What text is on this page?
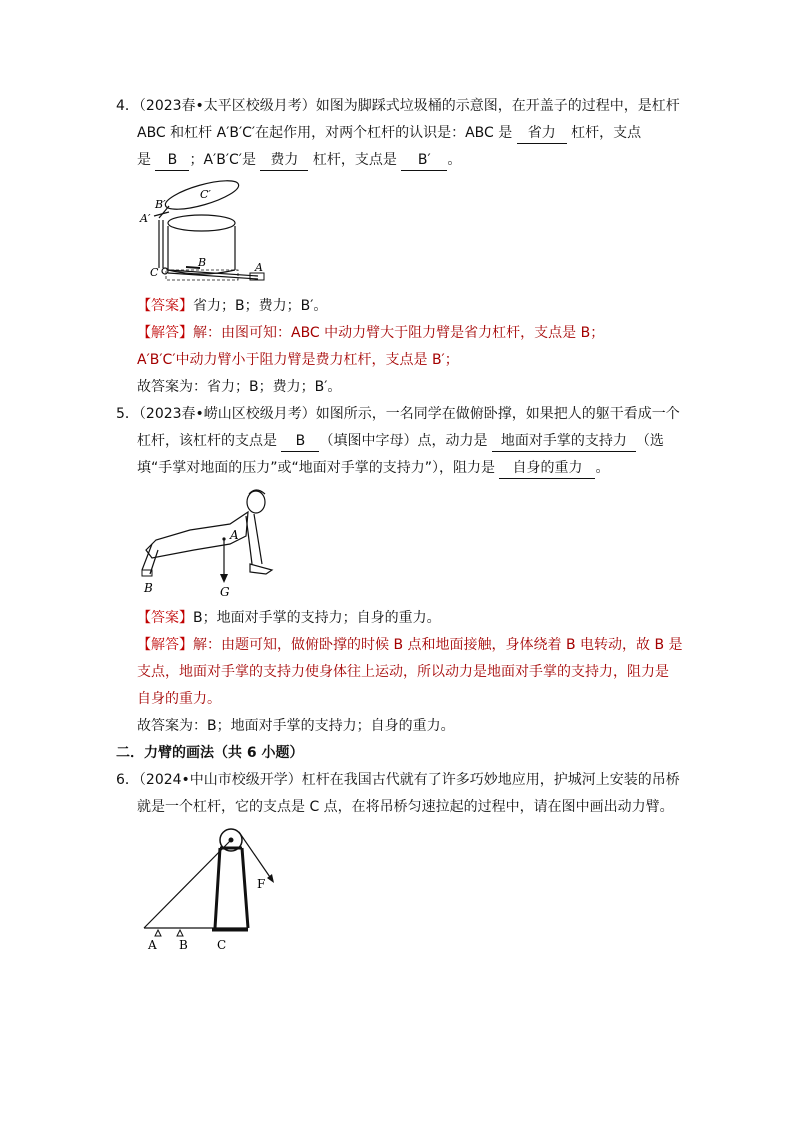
4．（2023春•太平区校级月考）如图为脚踩式垃圾桶的示意图，在开盖子的过程中，是杠杆
ABC 和杠杆 A′B′C′在起作用，对两个杠杆的认识是：ABC 是 省力 杠杆，支点
是 B ；A′B′C′是 费力 杠杆，支点是 B′ 。
B′
C′
A′
C
B	A
【答案】省力；B；费力；B′。
【解答】解：由图可知：ABC 中动力臂大于阻力臂是省力杠杆，支点是 B；
A′B′C′中动力臂小于阻力臂是费力杠杆，支点是 B′；
故答案为：省力；B；费力；B′。
5．（2023春•崂山区校级月考）如图所示，一名同学在做俯卧撑，如果把人的躯干看成一个
杠杆，该杠杆的支点是 B （填图中字母）点，动力是 地面对手掌的支持力 （选
填“手掌对地面的压力”或“地面对手掌的支持力”），阻力是 自身的重力 。
A
B	G
【答案】B；地面对手掌的支持力；自身的重力。
【解答】解：由题可知，做俯卧撑的时候 B 点和地面接触，身体绕着 B 电转动，故 B 是
支点，地面对手掌的支持力使身体往上运动，所以动力是地面对手掌的支持力，阻力是
自身的重力。
故答案为：B；地面对手掌的支持力；自身的重力。
二．力臂的画法（共 6 小题）
6．（2024•中山市校级开学）杠杆在我国古代就有了许多巧妙地应用，护城河上安装的吊桥
就是一个杠杆，它的支点是 C 点，在将吊桥匀速拉起的过程中，请在图中画出动力臂。
F
A B C
